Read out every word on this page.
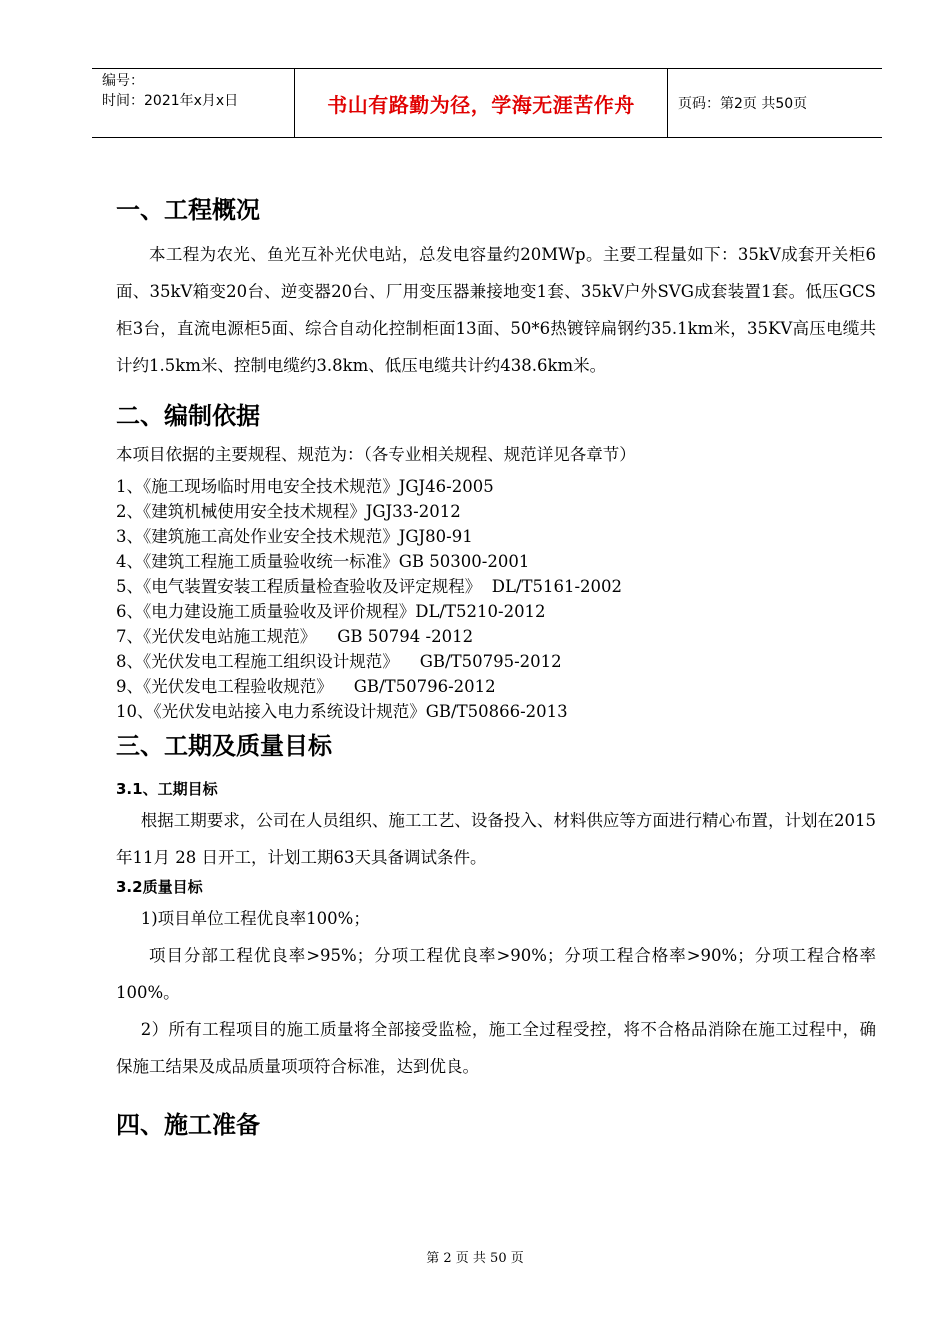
编号：
时间：2021年x月x日	书山有路勤为径，学海无涯苦作舟	页码：第2页 共50页
一、工程概况

本工程为农光、鱼光互补光伏电站，总发电容量约20MWp。主要工程量如下：35kV成套开关柜6面、35kV箱变20台、逆变器20台、厂用变压器兼接地变1套、35kV户外SVG成套装置1套。低压GCS柜3台，直流电源柜5面、综合自动化控制柜面13面、50*6热镀锌扁钢约35.1km米，35KV高压电缆共计约1.5km米、控制电缆约3.8km、低压电缆共计约438.6km米。

二、编制依据

本项目依据的主要规程、规范为：（各专业相关规程、规范详见各章节）

1、《施工现场临时用电安全技术规范》JGJ46-2005
2、《建筑机械使用安全技术规程》JGJ33-2012
3、《建筑施工高处作业安全技术规范》JGJ80-91
4、《建筑工程施工质量验收统一标准》GB 50300-2001
5、《电气装置安装工程质量检查验收及评定规程》  DL/T5161-2002
6、《电力建设施工质量验收及评价规程》DL/T5210-2012
7、《光伏发电站施工规范》    GB 50794 -2012
8、《光伏发电工程施工组织设计规范》    GB/T50795-2012
9、《光伏发电工程验收规范》    GB/T50796-2012
10、《光伏发电站接入电力系统设计规范》GB/T50866-2013
三、工期及质量目标
3.1、工期目标

根据工期要求，公司在人员组织、施工工艺、设备投入、材料供应等方面进行精心布置，计划在2015年11月 28 日开工，计划工期63天具备调试条件。

3.2质量目标

1)项目单位工程优良率100%；

项目分部工程优良率>95%；分项工程优良率>90%；分项工程合格率>90%；分项工程合格率100%。

2）所有工程项目的施工质量将全部接受监检，施工全过程受控，将不合格品消除在施工过程中，确保施工结果及成品质量项项符合标准，达到优良。

四、施工准备
第 2 页 共 50 页
